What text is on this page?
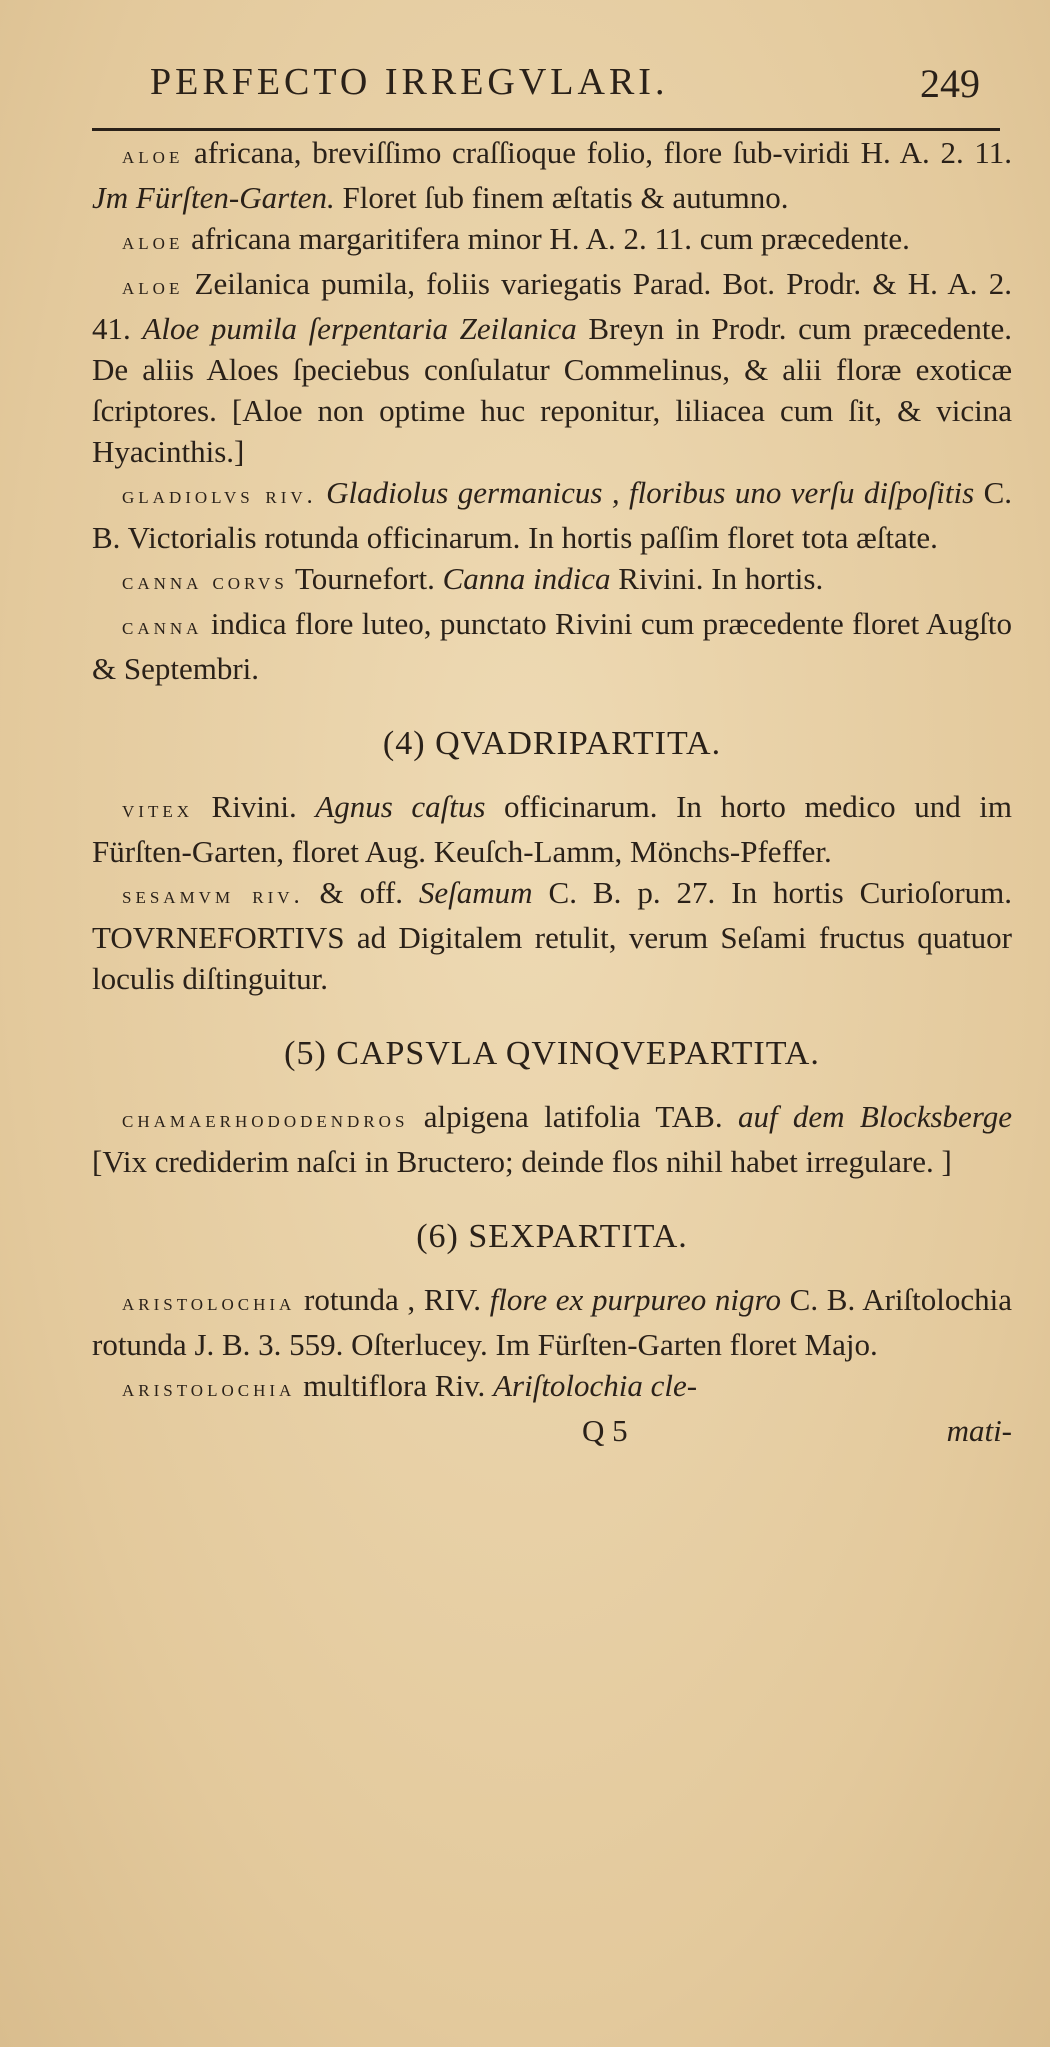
PERFECTO IRREGVLARI.	249

aloe africana, breviſſimo craſſioque folio, flore ſub-viridi H. A. 2. 11. Jm Fürſten-Garten. Floret ſub finem æſtatis & autumno.

aloe africana margaritifera minor H. A. 2. 11. cum præcedente.

aloe Zeilanica pumila, foliis variegatis Parad. Bot. Prodr. & H. A. 2. 41. Aloe pumila ſerpentaria Zeilanica Breyn in Prodr. cum præcedente. De aliis Aloes ſpeciebus conſulatur Commelinus, & alii floræ exoticæ ſcriptores. [Aloe non optime huc reponitur, liliacea cum ſit, & vicina Hyacinthis.]

gladiolvs riv. Gladiolus germanicus , floribus uno verſu diſpoſitis C. B. Victorialis rotunda officinarum. In hortis paſſim floret tota æſtate.

canna corvs Tournefort. Canna indica Rivini. In hortis.

canna indica flore luteo, punctato Rivini cum præcedente floret Augſto & Septembri.

(4) QVADRIPARTITA.

vitex Rivini. Agnus caſtus officinarum. In horto medico und im Fürſten-Garten, floret Aug. Keuſch-Lamm, Mönchs-Pfeffer.

sesamvm riv. & off. Seſamum C. B. p. 27. In hortis Curioſorum. TOVRNEFORTIVS ad Digitalem retulit, verum Seſami fructus quatuor loculis diſtinguitur.

(5) CAPSVLA QVINQVEPARTITA.

chamaerhododendros alpigena latifolia TAB. auf dem Blocksberge [Vix crediderim naſci in Bructero; deinde flos nihil habet irregulare. ]

(6) SEXPARTITA.

aristolochia rotunda , RIV. flore ex purpureo nigro C. B. Ariſtolochia rotunda J. B. 3. 559. Oſterlucey. Im Fürſten-Garten floret Majo.

aristolochia multiflora Riv. Ariſtolochia cle-

Q 5	mati-
